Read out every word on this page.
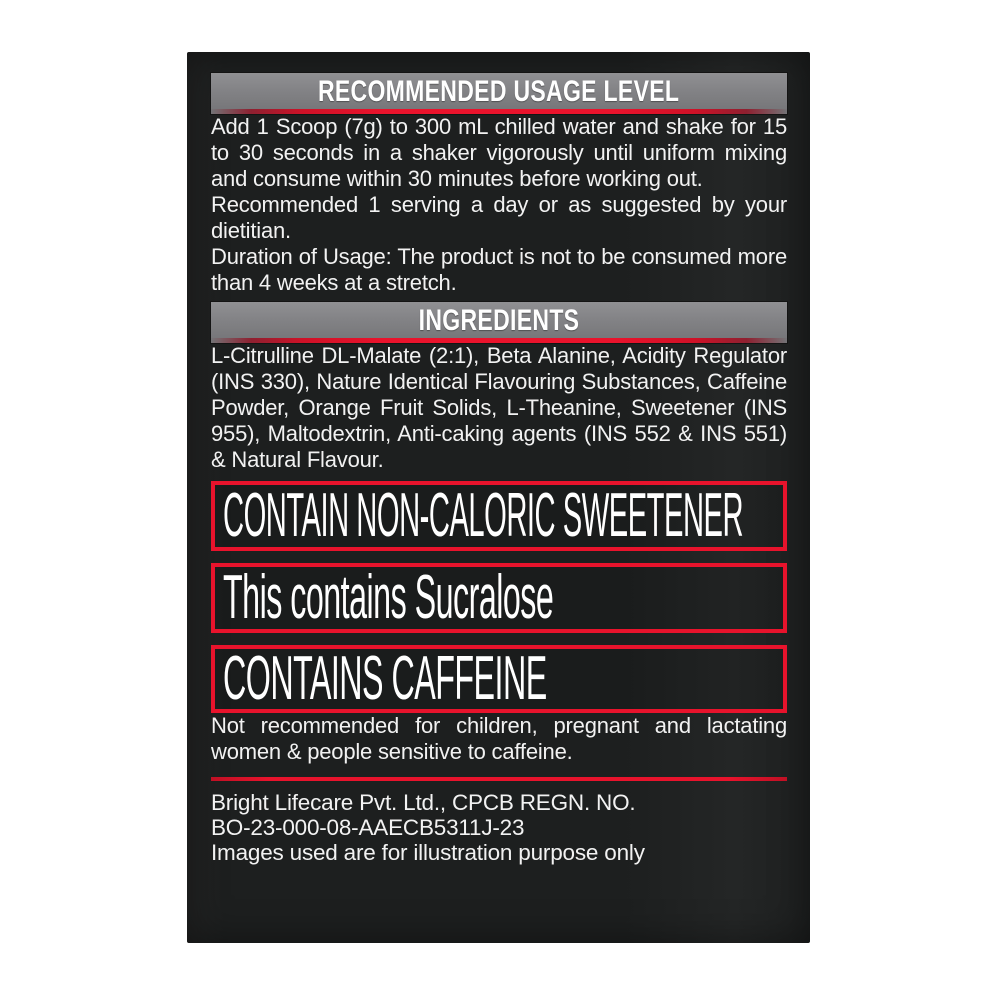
RECOMMENDED USAGE LEVEL

Add 1 Scoop (7g) to 300 mL chilled water and shake for 15 to 30 seconds in a shaker vigorously until uniform mixing and consume within 30 minutes before working out.

Recommended 1 serving a day or as suggested by your dietitian.

Duration of Usage: The product is not to be consumed more than 4 weeks at a stretch.

INGREDIENTS

L-Citrulline DL-Malate (2:1), Beta Alanine, Acidity Regulator (INS 330), Nature Identical Flavouring Substances, Caffeine Powder, Orange Fruit Solids, L-Theanine, Sweetener (INS 955), Maltodextrin, Anti-caking agents (INS 552 & INS 551) & Natural Flavour.

CONTAIN NON-CALORIC SWEETENER
This contains Sucralose
CONTAINS CAFFEINE

Not recommended for children, pregnant and lactating women & people sensitive to caffeine.

Bright Lifecare Pvt. Ltd., CPCB REGN. NO.
BO-23-000-08-AAECB5311J-23
Images used are for illustration purpose only
